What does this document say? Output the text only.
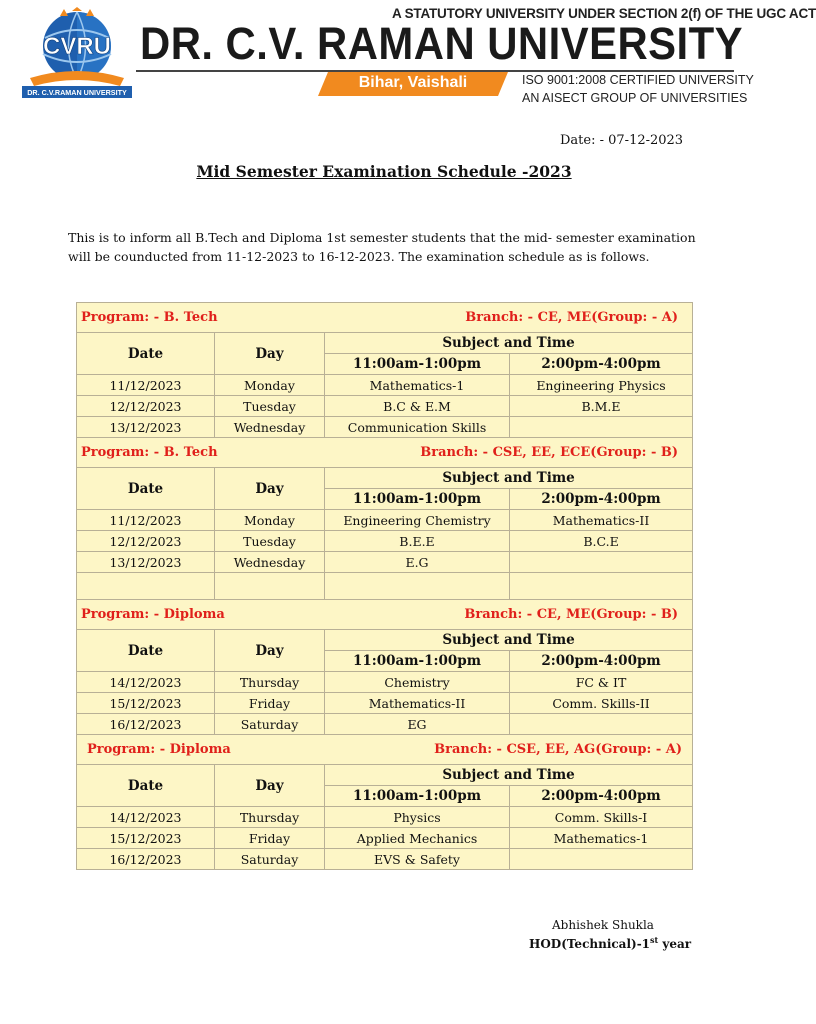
CVRU
DR. C.V.RAMAN UNIVERSITY
A STATUTORY UNIVERSITY UNDER SECTION 2(f) OF THE UGC ACT
DR. C.V. RAMAN UNIVERSITY
Bihar, Vaishali	ISO 9001:2008 CERTIFIED UNIVERSITY
AN AISECT GROUP OF UNIVERSITIES
Date: - 07-12-2023
Mid Semester Examination Schedule -2023
This is to inform all B.Tech and Diploma 1st semester students that the mid- semester examination will be counducted from 11-12-2023 to 16-12-2023. The examination schedule as is follows.
Program: - B. Tech Branch: - CE, ME(Group: - A)			

Date	Day	Subject and Time	
		11:00am-1:00pm	2:00pm-4:00pm
11/12/2023	Monday	Mathematics-1	Engineering Physics
12/12/2023	Tuesday	B.C & E.M	B.M.E
13/12/2023	Wednesday	Communication Skills	

Program: - B. Tech Branch: - CSE, EE, ECE(Group: - B)			

Date	Day	Subject and Time	
		11:00am-1:00pm	2:00pm-4:00pm
11/12/2023	Monday	Engineering Chemistry	Mathematics-II
12/12/2023	Tuesday	B.E.E	B.C.E
13/12/2023	Wednesday	E.G	

Program: - Diploma Branch: - CE, ME(Group: - B)			

Date	Day	Subject and Time	
		11:00am-1:00pm	2:00pm-4:00pm
14/12/2023	Thursday	Chemistry	FC & IT
15/12/2023	Friday	Mathematics-II	Comm. Skills-II
16/12/2023	Saturday	EG	

Program: - Diploma Branch: - CSE, EE, AG(Group: - A)			

Date	Day	Subject and Time	
		11:00am-1:00pm	2:00pm-4:00pm
14/12/2023	Thursday	Physics	Comm. Skills-I
15/12/2023	Friday	Applied Mechanics	Mathematics-1
16/12/2023	Saturday	EVS & Safety	
Abhishek Shukla
HOD(Technical)-1st year
